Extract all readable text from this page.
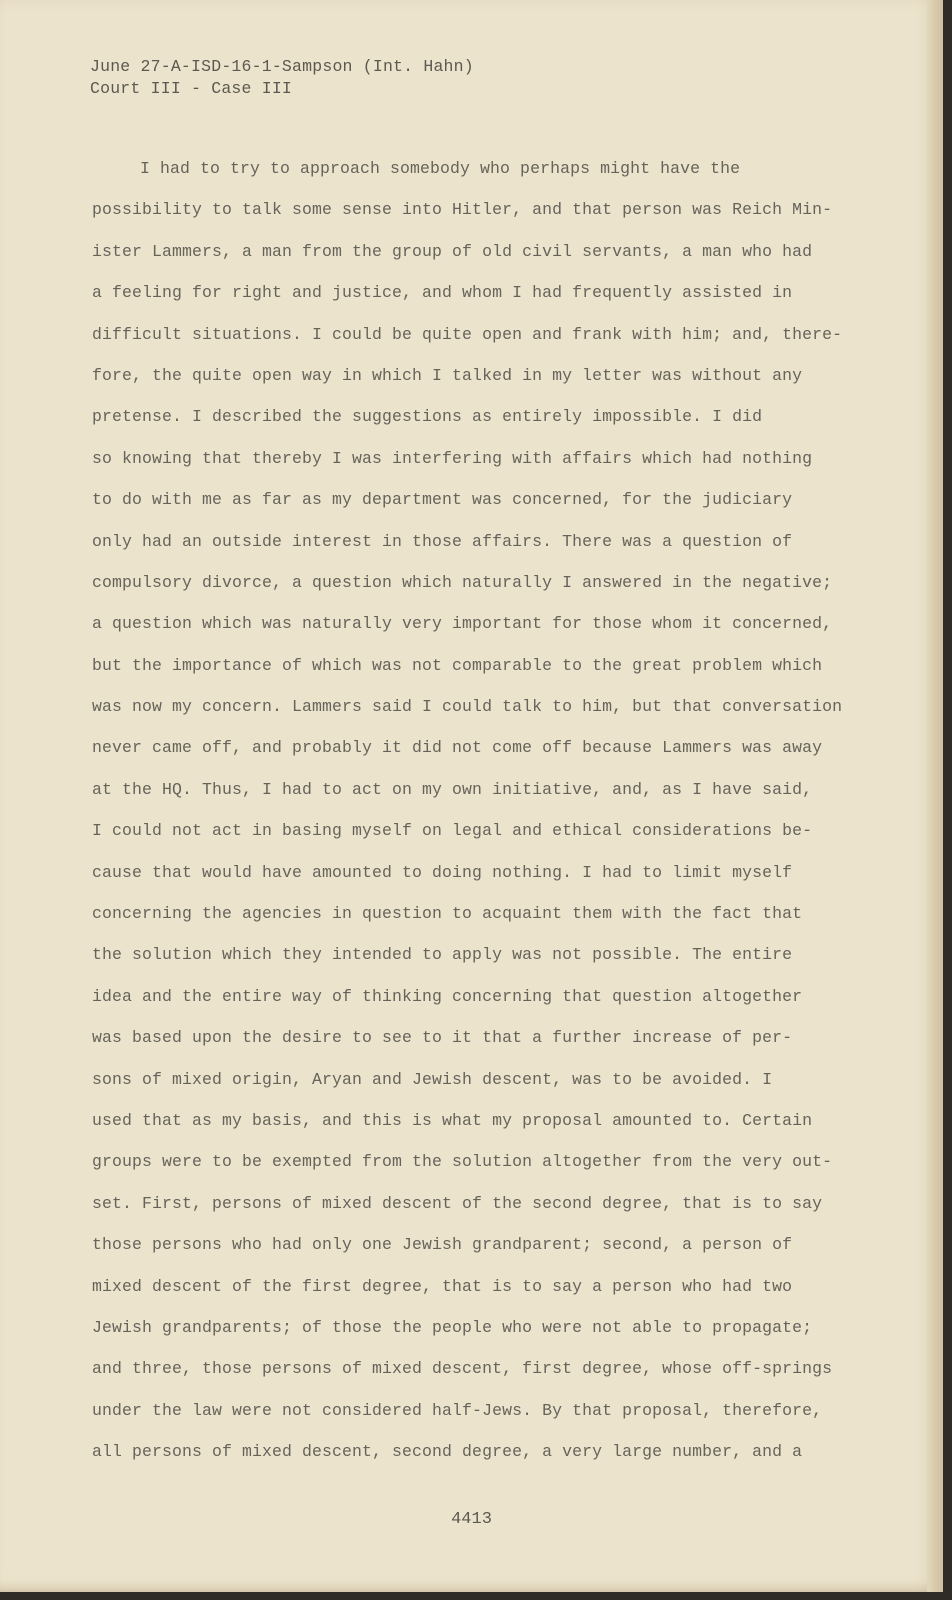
June 27-A-ISD-16-1-Sampson (Int. Hahn)
Court III - Case III
I had to try to approach somebody who perhaps might have the
possibility to talk some sense into Hitler, and that person was Reich Min-
ister Lammers, a man from the group of old civil servants, a man who had
a feeling for right and justice, and whom I had frequently assisted in
difficult situations. I could be quite open and frank with him; and, there-
fore, the quite open way in which I talked in my letter was without any
pretense. I described the suggestions as entirely impossible. I did
so knowing that thereby I was interfering with affairs which had nothing
to do with me as far as my department was concerned, for the judiciary
only had an outside interest in those affairs. There was a question of
compulsory divorce, a question which naturally I answered in the negative;
a question which was naturally very important for those whom it concerned,
but the importance of which was not comparable to the great problem which
was now my concern. Lammers said I could talk to him, but that conversation
never came off, and probably it did not come off because Lammers was away
at the HQ. Thus, I had to act on my own initiative, and, as I have said,
I could not act in basing myself on legal and ethical considerations be-
cause that would have amounted to doing nothing. I had to limit myself
concerning the agencies in question to acquaint them with the fact that
the solution which they intended to apply was not possible. The entire
idea and the entire way of thinking concerning that question altogether
was based upon the desire to see to it that a further increase of per-
sons of mixed origin, Aryan and Jewish descent, was to be avoided. I
used that as my basis, and this is what my proposal amounted to. Certain
groups were to be exempted from the solution altogether from the very out-
set. First, persons of mixed descent of the second degree, that is to say
those persons who had only one Jewish grandparent; second, a person of
mixed descent of the first degree, that is to say a person who had two
Jewish grandparents; of those the people who were not able to propagate;
and three, those persons of mixed descent, first degree, whose off-springs
under the law were not considered half-Jews. By that proposal, therefore,
all persons of mixed descent, second degree, a very large number, and a
4413
